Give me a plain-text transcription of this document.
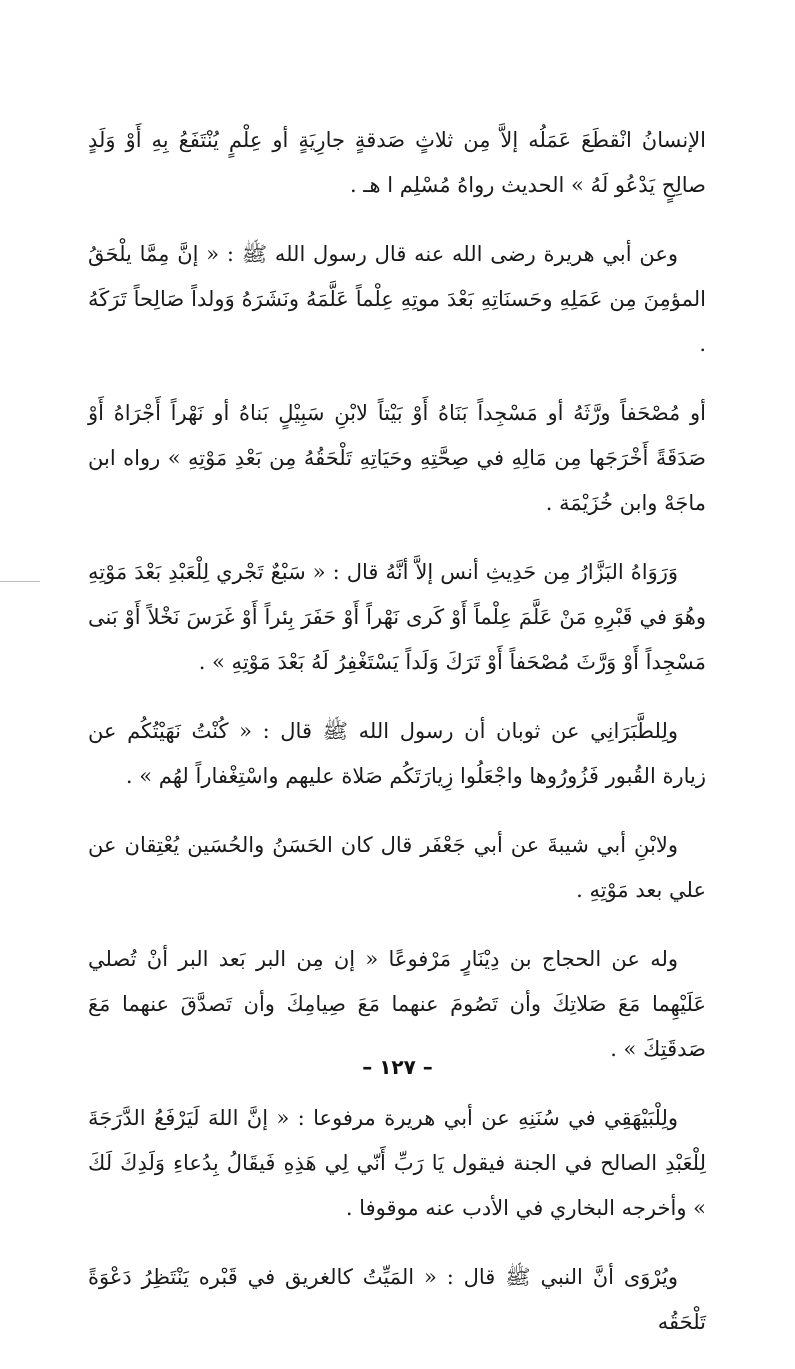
الإنسانُ انْقطَعَ عَمَلُه إلاَّ مِن ثلاثٍ صَدقةٍ جارِيَةٍ أو عِلْمٍ يُنْتَفَعُ بِهِ أَوْ وَلَدٍ صالِحٍ يَدْعُو لَهُ » الحديث رواهُ مُسْلِم ا هـ .

وعن أبي هريرة رضى الله عنه قال رسول الله ﷺ : « إنَّ مِمَّا يلْحَقُ المؤمِنَ مِن عَمَلِهِ وحَسنَاتِهِ بَعْدَ موتِهِ عِلْماً عَلَّمَهُ ونَشَرَهُ وَولداً صَالِحاً تَرَكَهُ .

أو مُصْحَفاً ورَّثَهُ أو مَسْجِداً بَنَاهُ أَوْ بَيْتاً لابْنِ سَبِيْلٍ بَناهُ أو نَهْراً أَجْرَاهُ أَوْ صَدَقَةً أَخْرَجَها مِن مَالِهِ في صِحَّتِهِ وحَيَاتِهِ تَلْحَقُهُ مِن بَعْدِ مَوْتِهِ » رواه ابن ماجَهْ وابن خُزَيْمَة .

وَرَوَاهُ البَزَّارُ مِن حَدِيثِ أنس إلاَّ أنَّهُ قال : « سَبْعٌ تَجْري لِلْعَبْدِ بَعْدَ مَوْتِهِ وهُوَ في قَبْرِهِ مَنْ عَلَّمَ عِلْماً أَوْ كَرى نَهْراً أَوْ حَفَرَ بِئراً أَوْ غَرَسَ نَخْلاً أَوْ بَنى مَسْجِداً أَوْ وَرَّثَ مُصْحَفاً أَوْ تَرَكَ وَلَداً يَسْتَغْفِرُ لَهُ بَعْدَ مَوْتِهِ » .

ولِلطَّبَرَانِي عن ثوبان أن رسول الله ﷺ قال : « كُنْتُ نَهَيْتُكُم عن زيارة القُبور فَزُورُوها واجْعَلُوا زِيارَتَكُم صَلاة عليهم واسْتِغْفاراً لهُم » .

ولابْنِ أبي شيبةَ عن أبي جَعْفَر قال كان الحَسَنُ والحُسَين يُعْتِقان عن علي بعد مَوْتِهِ .

وله عن الحجاج بن دِيْنَارٍ مَرْفوعًا « إن مِن البر بَعد البر أنْ تُصلي عَلَيْهِما مَعَ صَلاتِكَ وأن تَصُومَ عنهما مَعَ صِيامِكَ وأن تَصدَّقَ عنهما مَعَ صَدقَتِكَ » .

ولِلْبَيْهَقِي في سُنَنِهِ عن أبي هريرة مرفوعا : « إنَّ اللهَ لَيَرْفَعُ الدَّرَجَةَ لِلْعَبْدِ الصالح في الجنة فيقول يَا رَبِّ أَنّي لِي هَذِهِ فَيقَالُ بِدُعاءِ وَلَدِكَ لَكَ » وأخرجه البخاري في الأدب عنه موقوفا .

ويُرْوَى أنَّ النبي ﷺ قال : « المَيِّتُ كالغريق في قَبْره يَنْتَظِرُ دَعْوَةً تَلْحَقُه

– ١٢٧ –
